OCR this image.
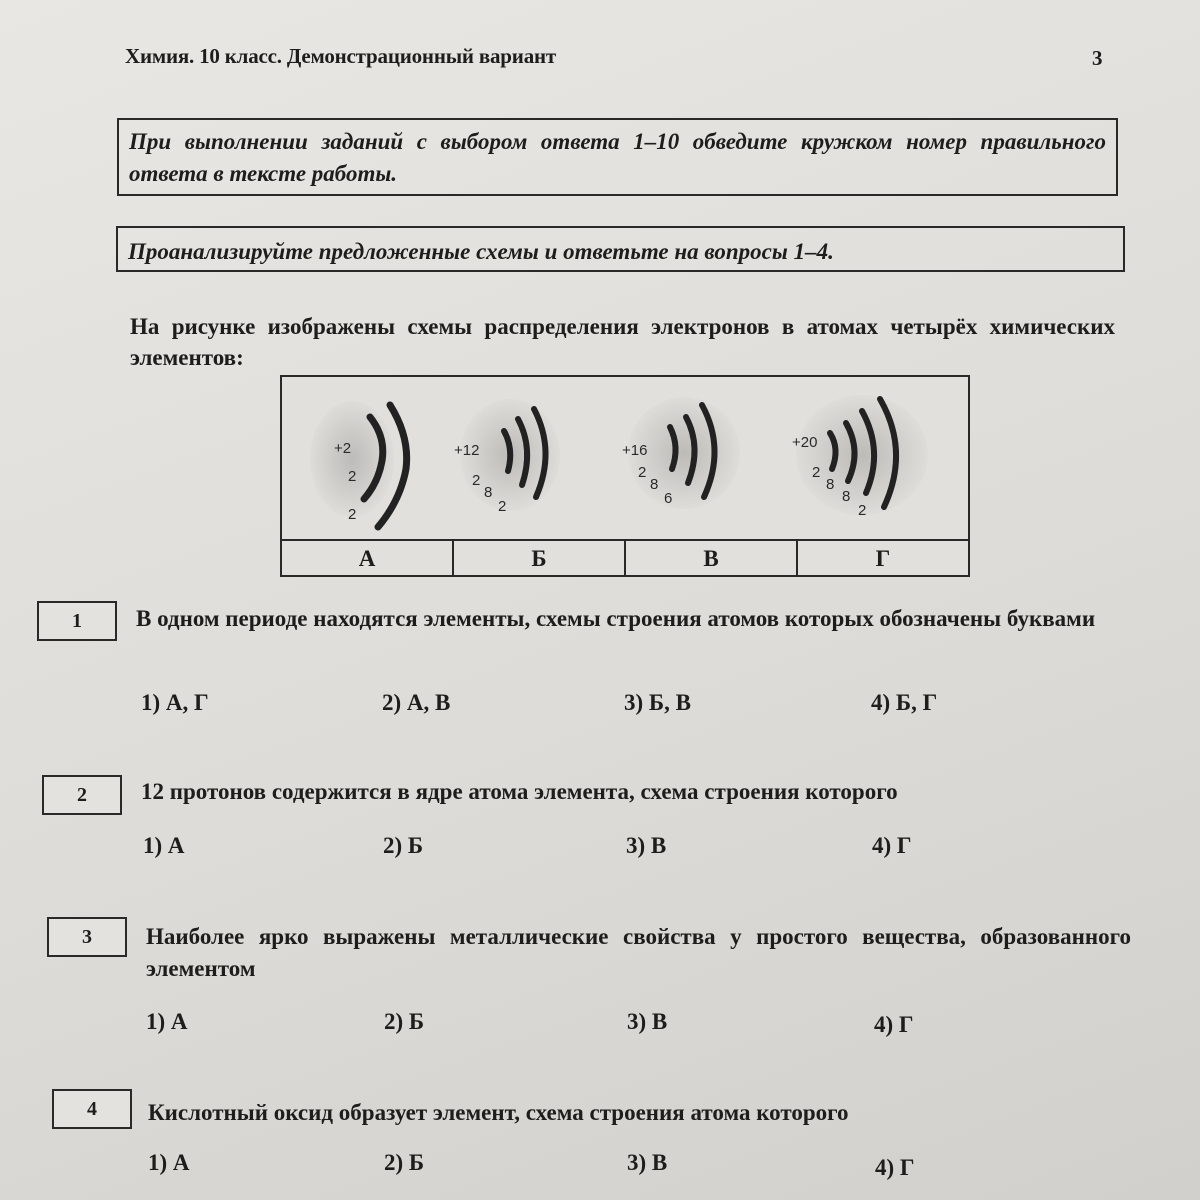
Химия. 10 класс. Демонстрационный вариант	3
При выполнении заданий с выбором ответа 1–10 обведите кружком номер правильного ответа в тексте работы.
Проанализируйте предложенные схемы и ответьте на вопросы 1–4.
На рисунке изображены схемы распределения электронов в атомах четырёх химических элементов:
+2
2
2
+12
2
8
2
+16
2
8
6
+20
2
8
8
2
А	Б	В	Г
1	В одном периоде находятся элементы, схемы строения атомов которых обозначены буквами
1) А, Г	2) А, В	3) Б, В	4) Б, Г
2	12 протонов содержится в ядре атома элемента, схема строения которого
1) А	2) Б	3) В	4) Г
3	Наиболее ярко выражены металлические свойства у простого вещества, образованного элементом
1) А	2) Б	3) В	4) Г
4	Кислотный оксид образует элемент, схема строения атома которого
1) А	2) Б	3) В	4) Г
